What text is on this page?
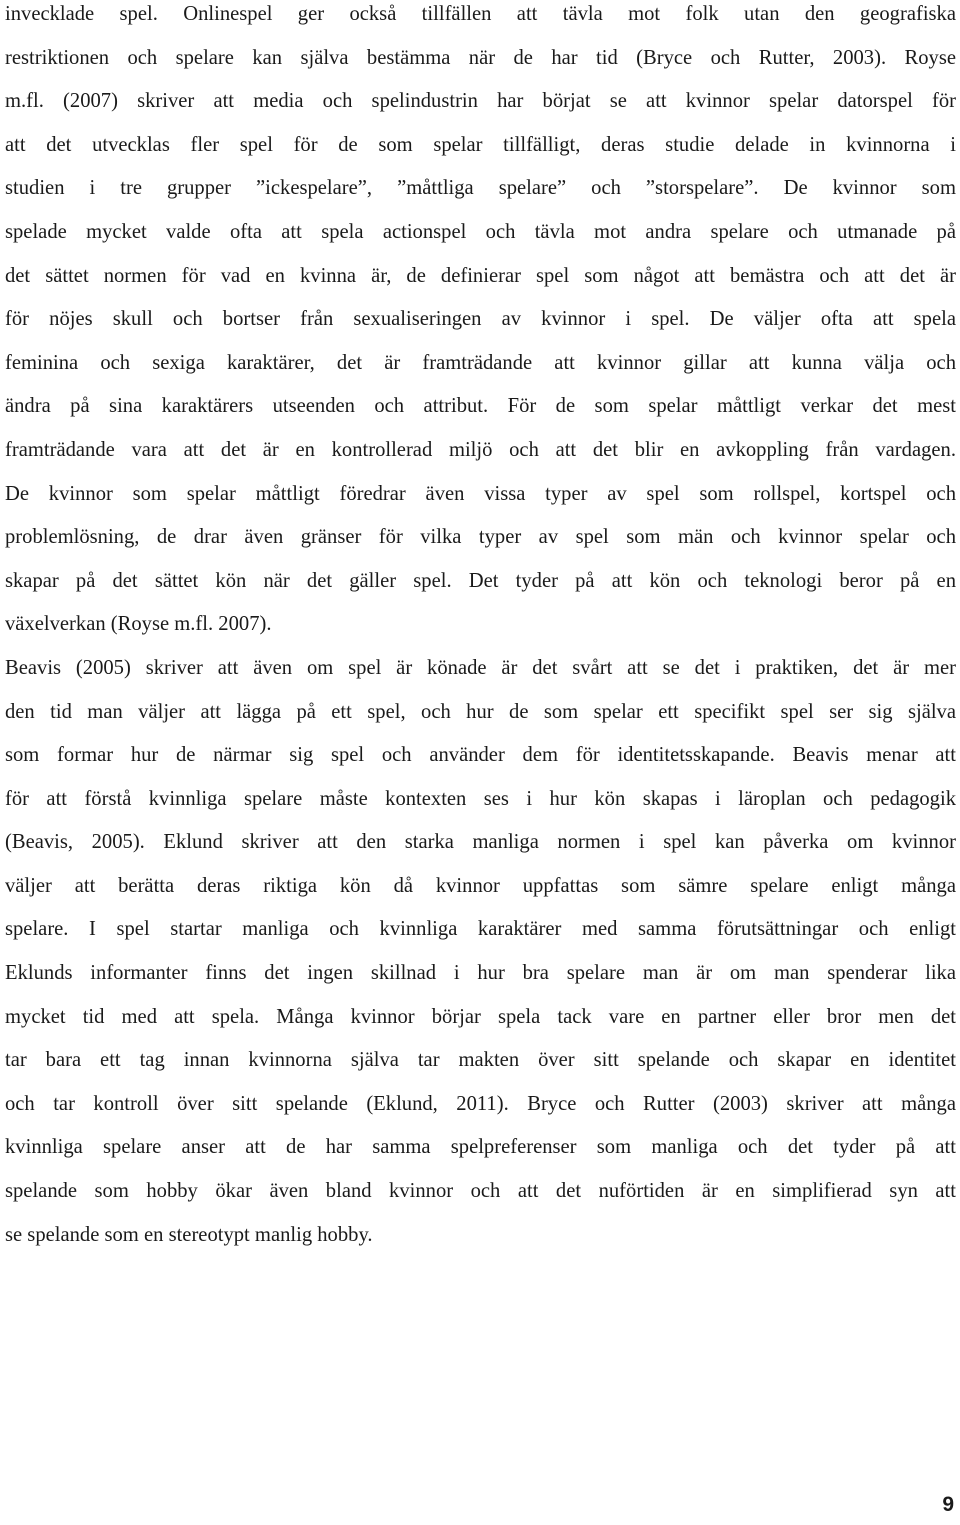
invecklade spel. Onlinespel ger också tillfällen att tävla mot folk utan den geografiska
restriktionen och spelare kan själva bestämma när de har tid (Bryce och Rutter, 2003). Royse
m.fl. (2007) skriver att media och spelindustrin har börjat se att kvinnor spelar datorspel för
att det utvecklas fler spel för de som spelar tillfälligt, deras studie delade in kvinnorna i
studien i tre grupper ”ickespelare”, ”måttliga spelare” och ”storspelare”. De kvinnor som
spelade mycket valde ofta att spela actionspel och tävla mot andra spelare och utmanade på
det sättet normen för vad en kvinna är, de definierar spel som något att bemästra och att det är
för nöjes skull och bortser från sexualiseringen av kvinnor i spel. De väljer ofta att spela
feminina och sexiga karaktärer, det är framträdande att kvinnor gillar att kunna välja och
ändra på sina karaktärers utseenden och attribut. För de som spelar måttligt verkar det mest
framträdande vara att det är en kontrollerad miljö och att det blir en avkoppling från vardagen.
De kvinnor som spelar måttligt föredrar även vissa typer av spel som rollspel, kortspel och
problemlösning, de drar även gränser för vilka typer av spel som män och kvinnor spelar och
skapar på det sättet kön när det gäller spel. Det tyder på att kön och teknologi beror på en
växelverkan (Royse m.fl. 2007).
Beavis (2005) skriver att även om spel är könade är det svårt att se det i praktiken, det är mer
den tid man väljer att lägga på ett spel, och hur de som spelar ett specifikt spel ser sig själva
som formar hur de närmar sig spel och använder dem för identitetsskapande. Beavis menar att
för att förstå kvinnliga spelare måste kontexten ses i hur kön skapas i läroplan och pedagogik
(Beavis, 2005). Eklund skriver att den starka manliga normen i spel kan påverka om kvinnor
väljer att berätta deras riktiga kön då kvinnor uppfattas som sämre spelare enligt många
spelare. I spel startar manliga och kvinnliga karaktärer med samma förutsättningar och enligt
Eklunds informanter finns det ingen skillnad i hur bra spelare man är om man spenderar lika
mycket tid med att spela. Många kvinnor börjar spela tack vare en partner eller bror men det
tar bara ett tag innan kvinnorna själva tar makten över sitt spelande och skapar en identitet
och tar kontroll över sitt spelande (Eklund, 2011). Bryce och Rutter (2003) skriver att många
kvinnliga spelare anser att de har samma spelpreferenser som manliga och det tyder på att
spelande som hobby ökar även bland kvinnor och att det nuförtiden är en simplifierad syn att
se spelande som en stereotypt manlig hobby.
9
